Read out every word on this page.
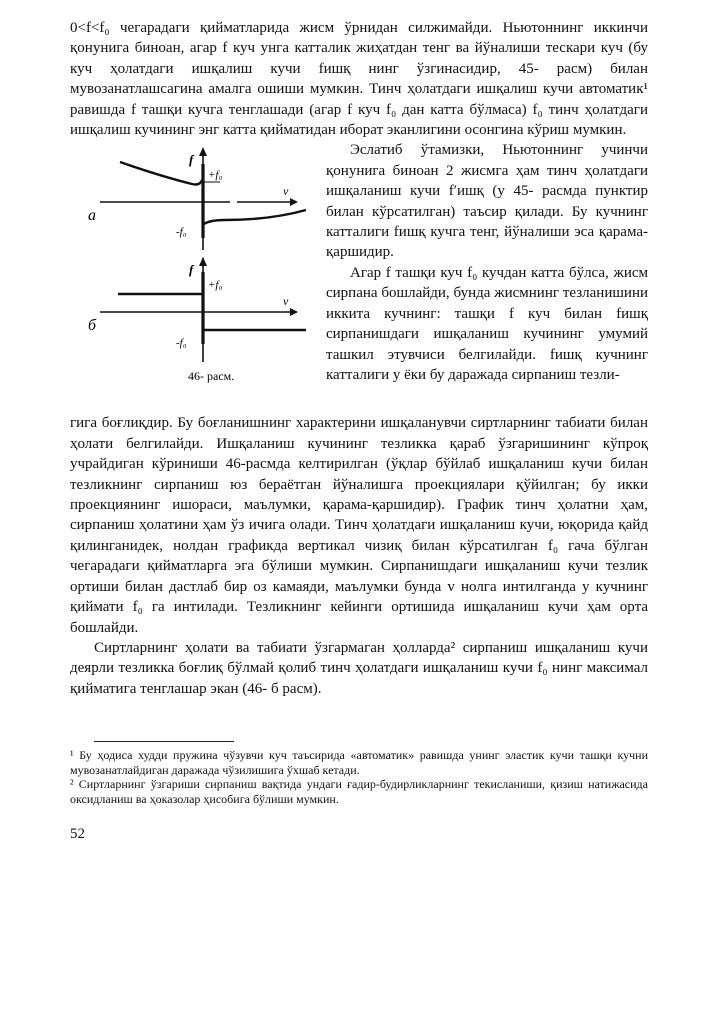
0<f<f₀ чегарадаги қийматларида жисм ўрнидан силжимайди. Ньютоннинг иккинчи қонунига биноан, агар f куч унга катталик жиҳатдан тенг ва йўналиши тескари куч (бу куч ҳолатдаги ишқалиш кучи fишқ нинг ўзгинасидир, 45- расм) билан мувозанатлашсагина амалга ошиши мумкин. Тинч ҳолатдаги ишқалиш кучи автоматик¹ равишда f ташқи кучга тенглашади (агар f куч f₀ дан катта бўлмаса) f₀ тинч ҳолатдаги ишқалиш кучининг энг катта қийматидан иборат эканлигини осонгина кўриш мумкин.

а
f
+f₀
v
-f₀
б
f
+f₀
v
-f₀
46- расм.

Эслатиб ўтамизки, Ньютоннинг учинчи қонунига биноан 2 жисмга ҳам тинч ҳолатдаги ишқаланиш кучи f′ишқ (у 45- расмда пунктир билан кўрсатилган) таъсир қилади. Бу кучнинг катталиги fишқ кучга тенг, йўналиши эса қарама-қаршидир.

Агар f ташқи куч f₀ кучдан катта бўлса, жисм сирпана бошлайди, бунда жисмнинг тезланишини иккита кучнинг: ташқи f куч билан fишқ сирпанишдаги ишқаланиш кучининг умумий ташкил этувчиси белгилайди. fишқ кучнинг катталиги у ёки бу даражада сирпаниш тезли-

гига боғлиқдир. Бу боғланишнинг характерини ишқаланувчи сиртларнинг табиати билан ҳолати белгилайди. Ишқаланиш кучининг тезликка қараб ўзгаришининг кўпроқ учрайдиган кўриниши 46-расмда келтирилган (ўқлар бўйлаб ишқаланиш кучи билан тезликнинг сирпаниш юз бераётган йўналишга проекциялари қўйилган; бу икки проекциянинг ишораси, маълумки, қарама-қаршидир). График тинч ҳолатни ҳам, сирпаниш ҳолатини ҳам ўз ичига олади. Тинч ҳолатдаги ишқаланиш кучи, юқорида қайд қилинганидек, нолдан графикда вертикал чизиқ билан кўрсатилган f₀ гача бўлган чегарадаги қийматларга эга бўлиши мумкин. Сирпанишдаги ишқаланиш кучи тезлик ортиши билан дастлаб бир оз камаяди, маълумки бунда v нолга интилганда у кучнинг қиймати f₀ га интилади. Тезликнинг кейинги ортишида ишқаланиш кучи ҳам орта бошлайди.

Сиртларнинг ҳолати ва табиати ўзгармаган ҳолларда² сирпаниш ишқаланиш кучи деярли тезликка боғлиқ бўлмай қолиб тинч ҳолатдаги ишқаланиш кучи f₀ нинг максимал қийматига тенглашар экан (46- б расм).

¹ Бу ҳодиса худди пружина чўзувчи куч таъсирида «автоматик» равишда унинг эластик кучи ташқи кучни мувозанатлайдиган даражада чўзилишига ўхшаб кетади.

² Сиртларнинг ўзгариши сирпаниш вақтида ундаги ғадир-будирликларнинг текисланиши, қизиш натижасида оксидланиш ва ҳоказолар ҳисобига бўлиши мумкин.

52
